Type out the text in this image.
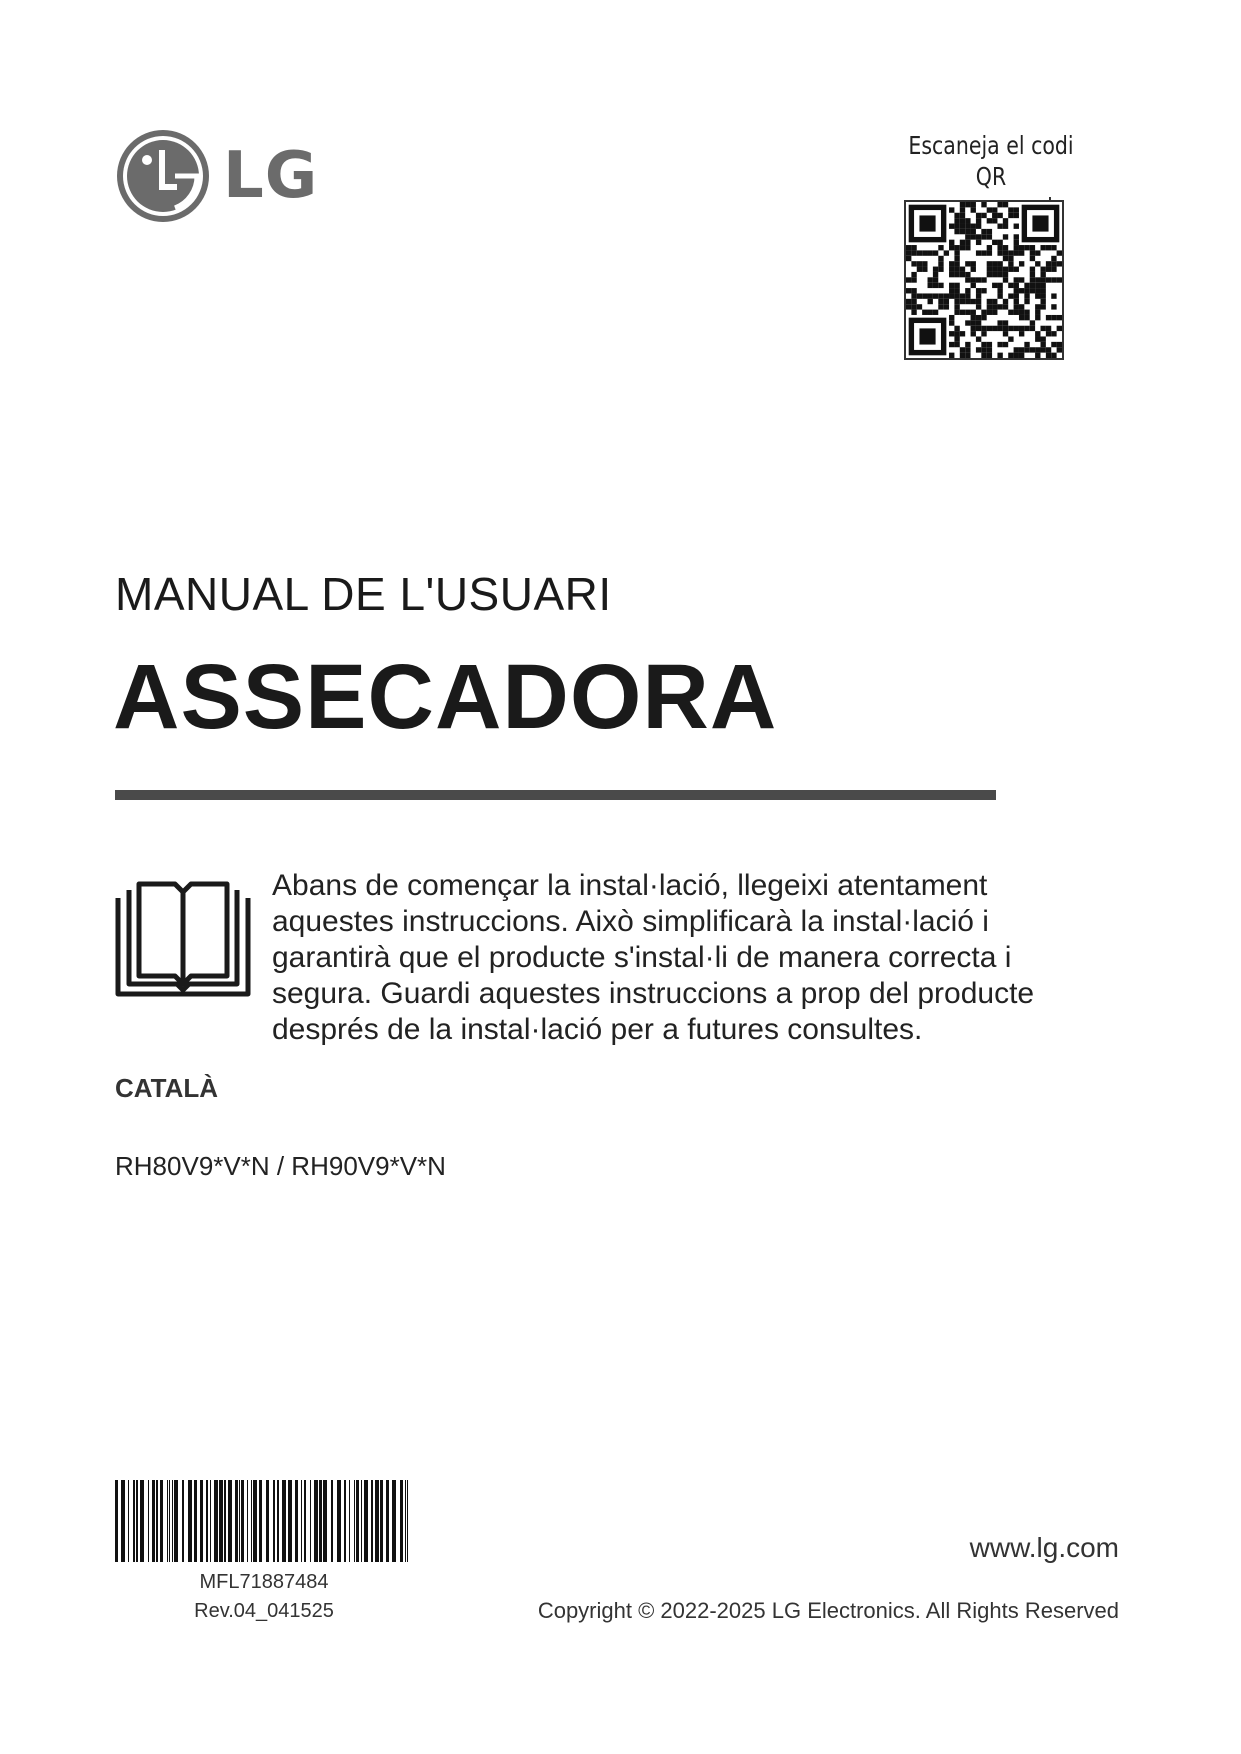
LG	Escaneja el codi QR
MANUAL DE L'USUARI
ASSECADORA
Abans de començar la instal·lació, llegeixi atentament aquestes instruccions. Això simplificarà la instal·lació i garantirà que el producte s'instal·li de manera correcta i segura. Guardi aquestes instruccions a prop del producte després de la instal·lació per a futures consultes.
CATALÀ
RH80V9*V*N / RH90V9*V*N
MFL71887484
Rev.04_041525
www.lg.com
Copyright © 2022-2025 LG Electronics. All Rights Reserved
